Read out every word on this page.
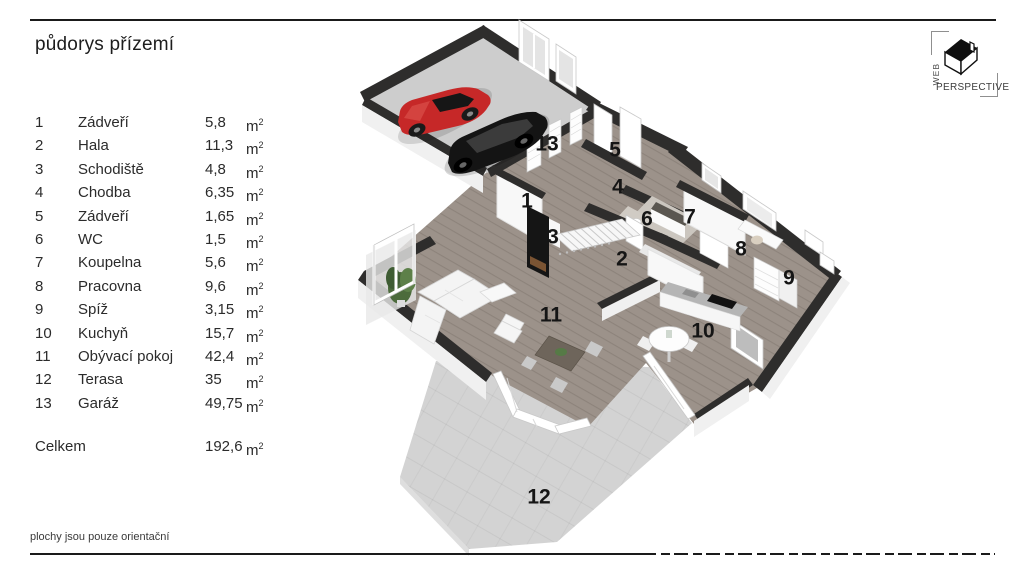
půdorys přízemí
1	Zádveří	5,8	$m^2$
2	Hala	11,3 $m^2$
3	Schodiště	4,8	$m^2$
4	Chodba	6,35 $m^2$
5	Zádveří	1,65 $m^2$
6	WC	1,5	$m^2$
7	Koupelna	5,6	$m^2$
8	Pracovna	9,6	$m^2$
9	Spíž	3,15 $m^2$
10	Kuchyň	15,7 $m^2$
11	Obývací pokoj	42,4 $m^2$
12	Terasa	35	$m^2$
13	Garáž	49,75 $m^2$
Celkem	192,6 $m^2$
1
2
3
4
5
6 7
8
9
10
11
12
13
WEB
PERSPECTIVE
plochy jsou pouze orientační
